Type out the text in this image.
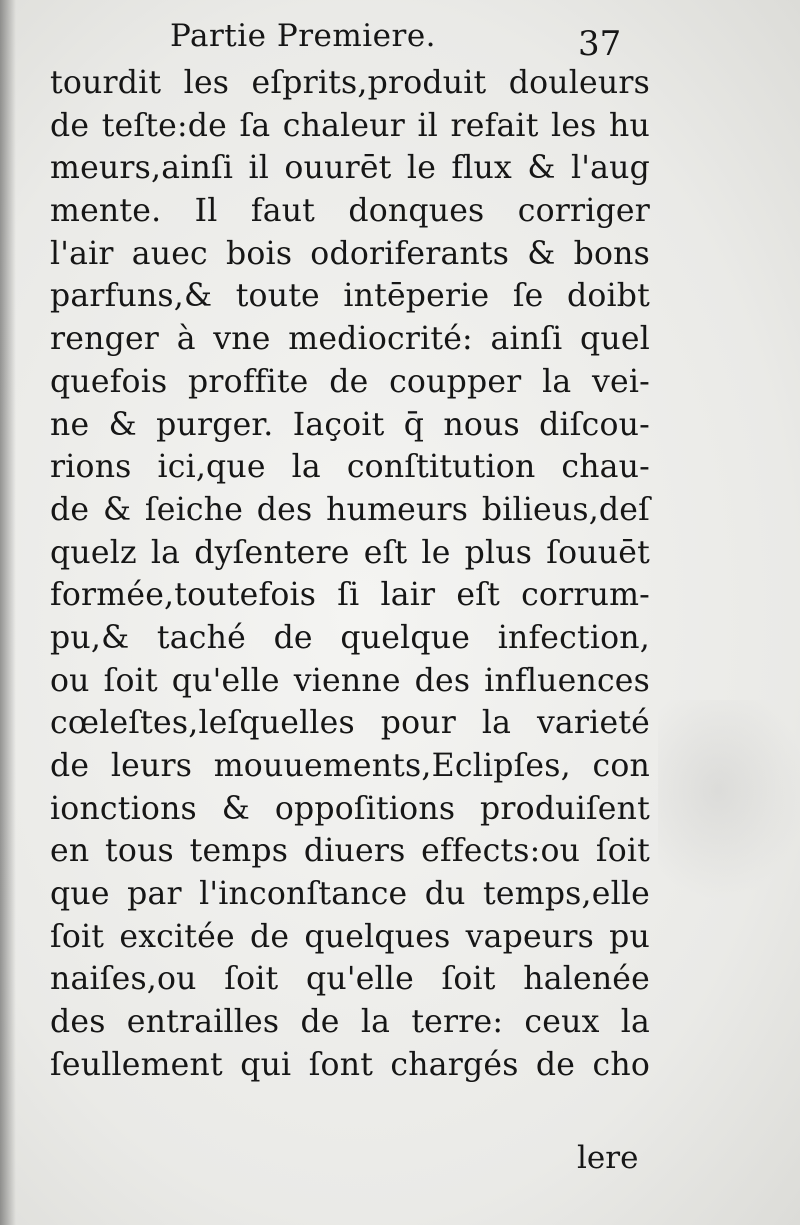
Partie Premiere.	37
tourdit les eſprits,produit douleurs
de teſte:de ſa chaleur il refait les hu
meurs,ainſi il ouurēt le flux & l'aug
mente. Il faut donques corriger
l'air auec bois odoriferants & bons
parfuns,& toute intēperie ſe doibt
renger à vne mediocrité: ainſi quel
quefois proffite de coupper la vei-
ne & purger. Iaçoit q̄ nous diſcou-
rions ici,que la conſtitution chau-
de & ſeiche des humeurs bilieus,deſ
quelz la dyſentere eſt le plus ſouuēt
formée,toutefois ſi lair eſt corrum-
pu,& taché de quelque infection,
ou ſoit qu'elle vienne des influences
cœleſtes,leſquelles pour la varieté
de leurs mouuements,Eclipſes, con
ionctions & oppoſitions produiſent
en tous temps diuers effects:ou ſoit
que par l'inconſtance du temps,elle
ſoit excitée de quelques vapeurs pu
naiſes,ou ſoit qu'elle ſoit halenée
des entrailles de la terre: ceux la
ſeullement qui ſont chargés de cho
lere
